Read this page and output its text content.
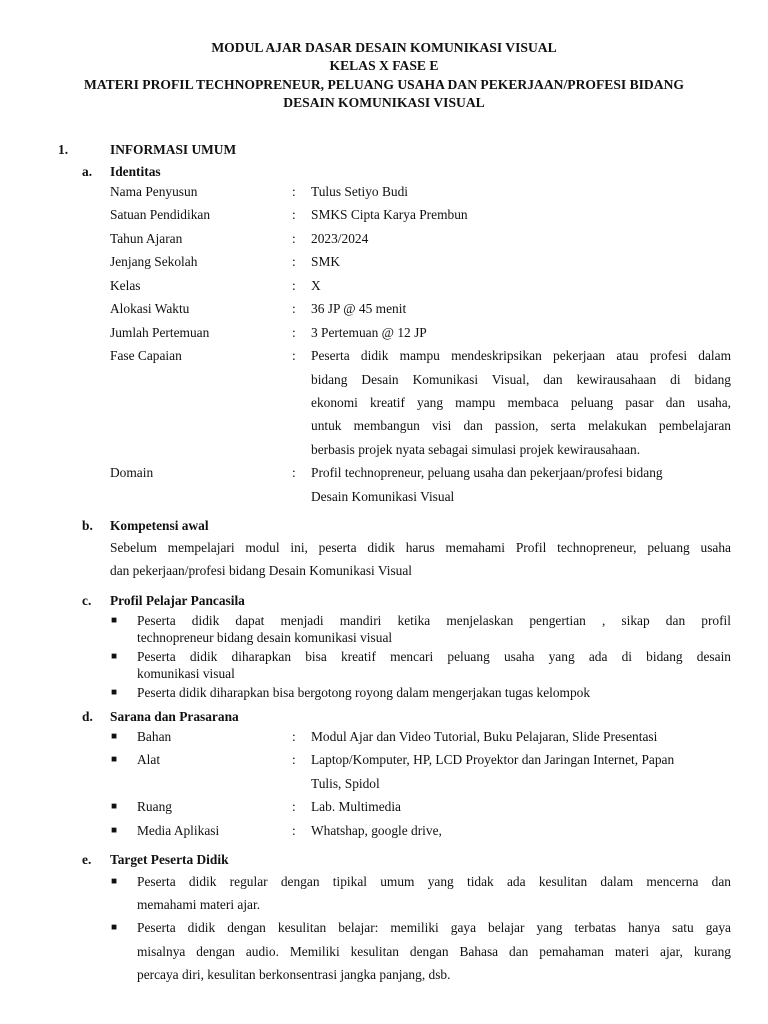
MODUL AJAR DASAR DESAIN KOMUNIKASI VISUAL
KELAS X FASE E
MATERI PROFIL TECHNOPRENEUR, PELUANG USAHA DAN PEKERJAAN/PROFESI BIDANG
DESAIN KOMUNIKASI VISUAL
1.	INFORMASI UMUM
a. Identitas
Nama Penyusun	: Tulus Setiyo Budi
Satuan Pendidikan	: SMKS Cipta Karya Prembun
Tahun Ajaran	: 2023/2024
Jenjang Sekolah	: SMK
Kelas	: X
Alokasi Waktu	: 36 JP @ 45 menit
Jumlah Pertemuan	: 3 Pertemuan @ 12 JP
Fase Capaian	: Peserta didik mampu mendeskripsikan pekerjaan atau profesi dalam
bidang Desain Komunikasi Visual, dan kewirausahaan di bidang
ekonomi kreatif yang mampu membaca peluang pasar dan usaha,
untuk membangun visi dan passion, serta melakukan pembelajaran
berbasis projek nyata sebagai simulasi projek kewirausahaan.
Domain	: Profil technopreneur, peluang usaha dan pekerjaan/profesi bidang
Desain Komunikasi Visual
b. Kompetensi awal
Sebelum mempelajari modul ini, peserta didik harus memahami Profil technopreneur, peluang usaha
dan pekerjaan/profesi bidang Desain Komunikasi Visual
c. Profil Pelajar Pancasila
■ Peserta didik dapat menjadi mandiri ketika menjelaskan pengertian , sikap dan profil
technopreneur bidang desain komunikasi visual
■ Peserta didik diharapkan bisa kreatif mencari peluang usaha yang ada di bidang desain
komunikasi visual
■ Peserta didik diharapkan bisa bergotong royong dalam mengerjakan tugas kelompok
d. Sarana dan Prasarana
■ Bahan	: Modul Ajar dan Video Tutorial, Buku Pelajaran, Slide Presentasi
■ Alat	: Laptop/Komputer, HP, LCD Proyektor dan Jaringan Internet, Papan
Tulis, Spidol
■ Ruang	: Lab. Multimedia
■ Media Aplikasi	: Whatshap, google drive,
e. Target Peserta Didik
■ Peserta didik regular dengan tipikal umum yang tidak ada kesulitan dalam mencerna dan
memahami materi ajar.
■ Peserta didik dengan kesulitan belajar: memiliki gaya belajar yang terbatas hanya satu gaya
misalnya dengan audio. Memiliki kesulitan dengan Bahasa dan pemahaman materi ajar, kurang
percaya diri, kesulitan berkonsentrasi jangka panjang, dsb.
